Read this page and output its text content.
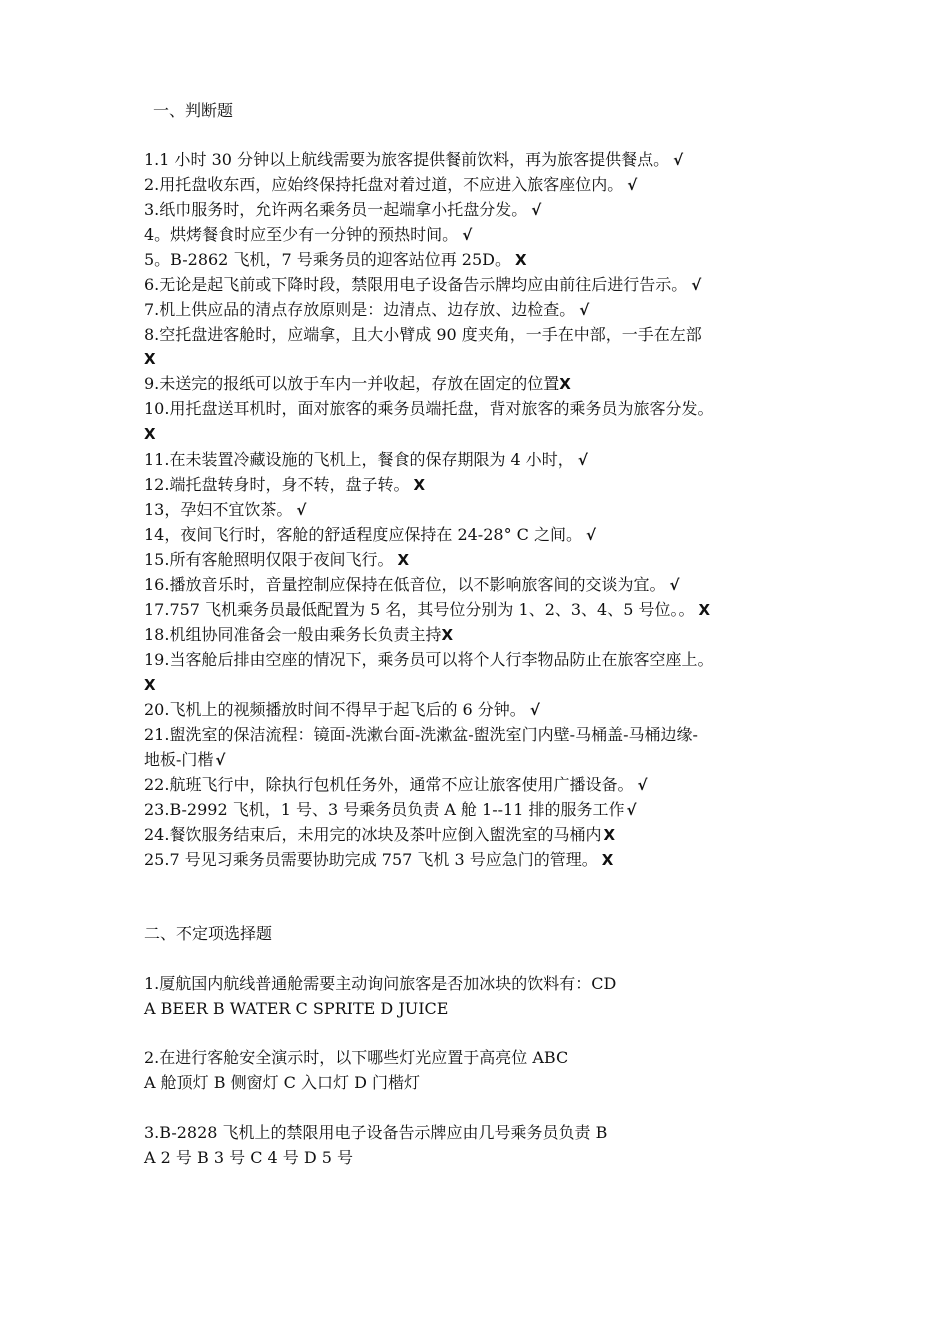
一、判断题
1.1 小时 30 分钟以上航线需要为旅客提供餐前饮料，再为旅客提供餐点。 √
2.用托盘收东西，应始终保持托盘对着过道，不应进入旅客座位内。 √
3.纸巾服务时，允许两名乘务员一起端拿小托盘分发。 √
4。烘烤餐食时应至少有一分钟的预热时间。 √
5。B-2862 飞机，7 号乘务员的迎客站位再 25D。 X
6.无论是起飞前或下降时段，禁限用电子设备告示牌均应由前往后进行告示。 √
7.机上供应品的清点存放原则是：边清点、边存放、边检查。 √
8.空托盘进客舱时，应端拿，且大小臂成 90 度夹角，一手在中部，一手在左部
X
9.未送完的报纸可以放于车内一并收起，存放在固定的位置X
10.用托盘送耳机时，面对旅客的乘务员端托盘，背对旅客的乘务员为旅客分发。
X
11.在未装置冷藏设施的飞机上，餐食的保存期限为 4 小时， √
12.端托盘转身时，身不转，盘子转。 X
13，孕妇不宜饮茶。 √
14，夜间飞行时，客舱的舒适程度应保持在 24-28° C 之间。 √
15.所有客舱照明仅限于夜间飞行。 X
16.播放音乐时，音量控制应保持在低音位，以不影响旅客间的交谈为宜。 √
17.757 飞机乘务员最低配置为 5 名，其号位分别为 1、2、3、4、5 号位。。 X
18.机组协同准备会一般由乘务长负责主持X
19.当客舱后排由空座的情况下，乘务员可以将个人行李物品防止在旅客空座上。
X
20.飞机上的视频播放时间不得早于起飞后的 6 分钟。 √
21.盥洗室的保洁流程：镜面-洗漱台面-洗漱盆-盥洗室门内壁-马桶盖-马桶边缘-
地板-门楷 √
22.航班飞行中，除执行包机任务外，通常不应让旅客使用广播设备。 √
23.B-2992 飞机，1 号、3 号乘务员负责 A 舱 1--11 排的服务工作 √
24.餐饮服务结束后，未用完的冰块及茶叶应倒入盥洗室的马桶内 X
25.7 号见习乘务员需要协助完成 757 飞机 3 号应急门的管理。 X
二、不定项选择题
1.厦航国内航线普通舱需要主动询问旅客是否加冰块的饮料有：CD
A BEER B WATER C SPRITE D JUICE
2.在进行客舱安全演示时，以下哪些灯光应置于高亮位 ABC
A 舱顶灯 B 侧窗灯 C 入口灯 D 门楷灯
3.B-2828 飞机上的禁限用电子设备告示牌应由几号乘务员负责 B
A 2 号 B 3 号 C 4 号 D 5 号
